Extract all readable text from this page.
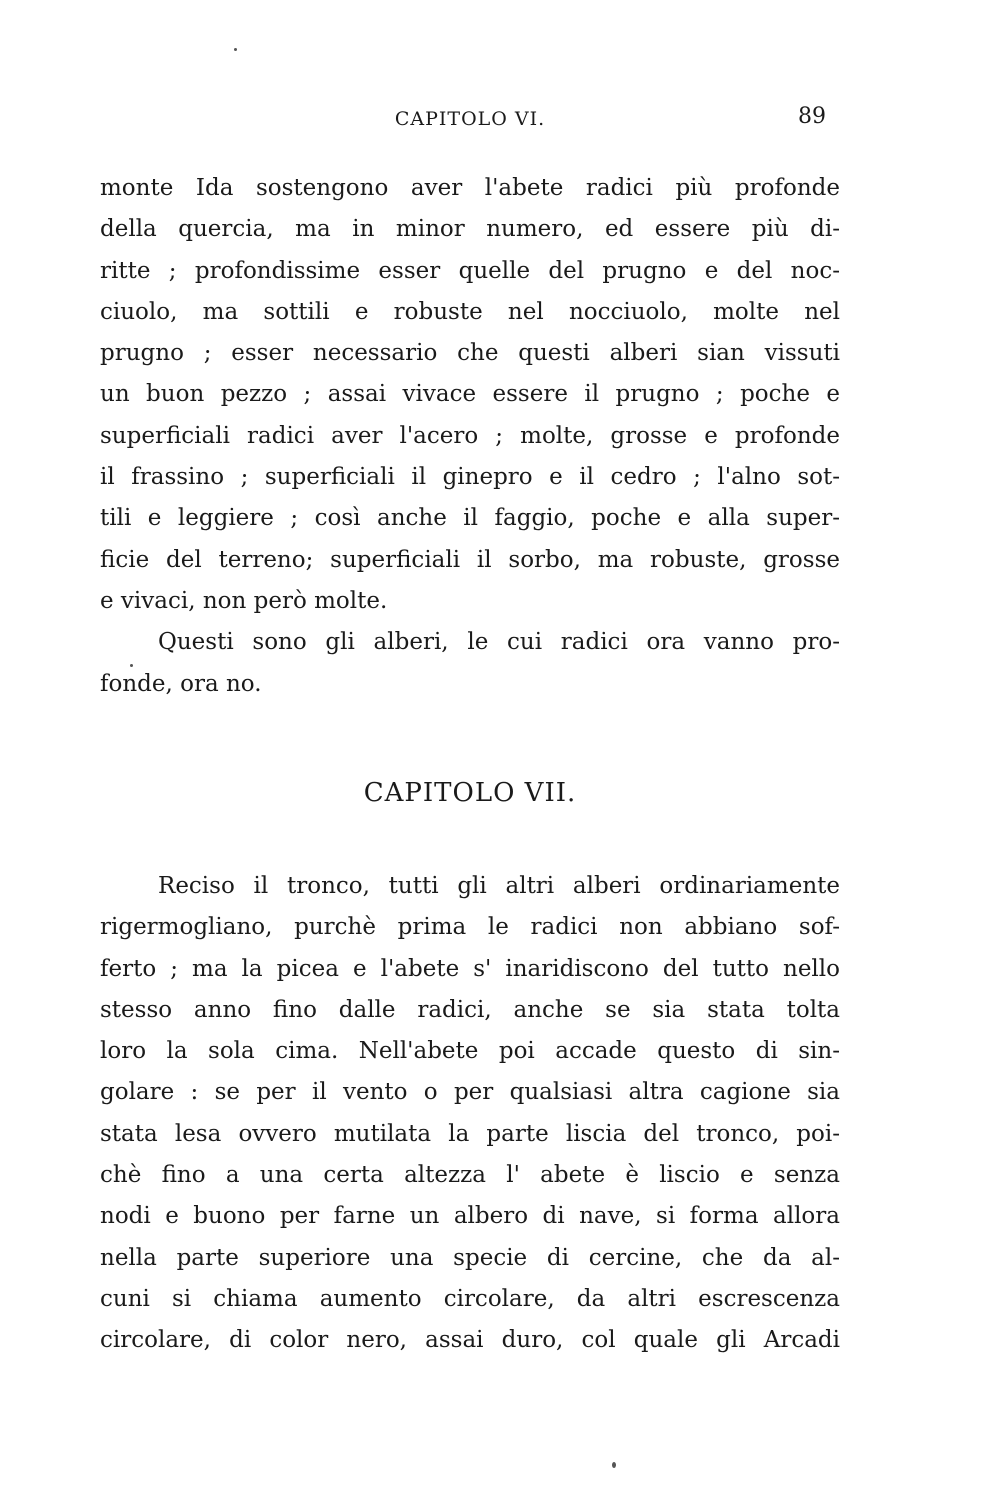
CAPITOLO VI.	89
monte Ida sostengono aver l'abete radici più profonde
della quercia, ma in minor numero, ed essere più di-
ritte ; profondissime esser quelle del prugno e del noc-
ciuolo, ma sottili e robuste nel nocciuolo, molte nel
prugno ; esser necessario che questi alberi sian vissuti
un buon pezzo ; assai vivace essere il prugno ; poche e
superficiali radici aver l'acero ; molte, grosse e profonde
il frassino ; superficiali il ginepro e il cedro ; l'alno sot-
tili e leggiere ; così anche il faggio, poche e alla super-
ficie del terreno; superficiali il sorbo, ma robuste, grosse
e vivaci, non però molte.
Questi sono gli alberi, le cui radici ora vanno pro-
fonde, ora no.
CAPITOLO VII.
Reciso il tronco, tutti gli altri alberi ordinariamente
rigermogliano, purchè prima le radici non abbiano sof-
ferto ; ma la picea e l'abete s' inaridiscono del tutto nello
stesso anno fino dalle radici, anche se sia stata tolta
loro la sola cima. Nell'abete poi accade questo di sin-
golare : se per il vento o per qualsiasi altra cagione sia
stata lesa ovvero mutilata la parte liscia del tronco, poi-
chè fino a una certa altezza l' abete è liscio e senza
nodi e buono per farne un albero di nave, si forma allora
nella parte superiore una specie di cercine, che da al-
cuni si chiama aumento circolare, da altri escrescenza
circolare, di color nero, assai duro, col quale gli Arcadi
